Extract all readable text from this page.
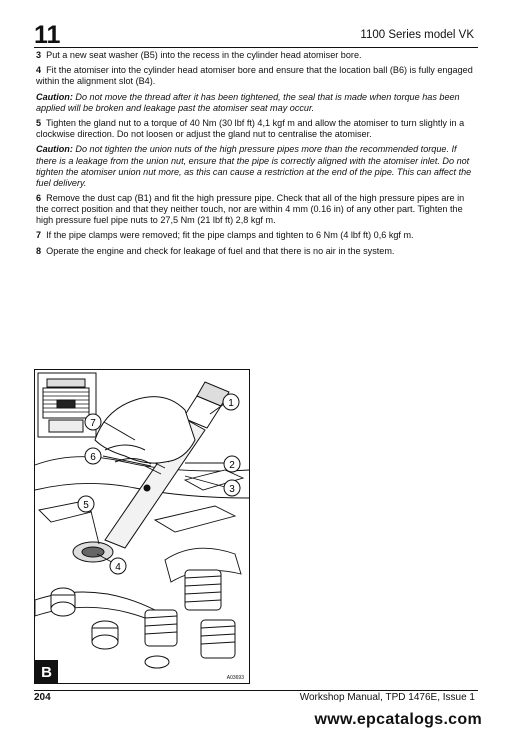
11	1100 Series model VK

3 Put a new seat washer (B5) into the recess in the cylinder head atomiser bore.

4 Fit the atomiser into the cylinder head atomiser bore and ensure that the location ball (B6) is fully engaged within the alignment slot (B4).

Caution: Do not move the thread after it has been tightened, the seal that is made when torque has been applied will be broken and leakage past the atomiser seat may occur.

5 Tighten the gland nut to a torque of 40 Nm (30 lbf ft) 4,1 kgf m and allow the atomiser to turn slightly in a clockwise direction. Do not loosen or adjust the gland nut to centralise the atomiser.

Caution: Do not tighten the union nuts of the high pressure pipes more than the recommended torque. If there is a leakage from the union nut, ensure that the pipe is correctly aligned with the atomiser inlet. Do not tighten the atomiser union nut more, as this can cause a restriction at the end of the pipe. This can affect the fuel delivery.

6 Remove the dust cap (B1) and fit the high pressure pipe. Check that all of the high pressure pipes are in the correct position and that they neither touch, nor are within 4 mm (0.16 in) of any other part. Tighten the high pressure fuel pipe nuts to 27,5 Nm (21 lbf ft) 2,8 kgf m.

7 If the pipe clamps were removed; fit the pipe clamps and tighten to 6 Nm (4 lbf ft) 0,6 kgf m.

8 Operate the engine and check for leakage of fuel and that there is no air in the system.

1
2
3
4
5
6
7
B	A03693
204	Workshop Manual, TPD 1476E, Issue 1
www.epcatalogs.com
